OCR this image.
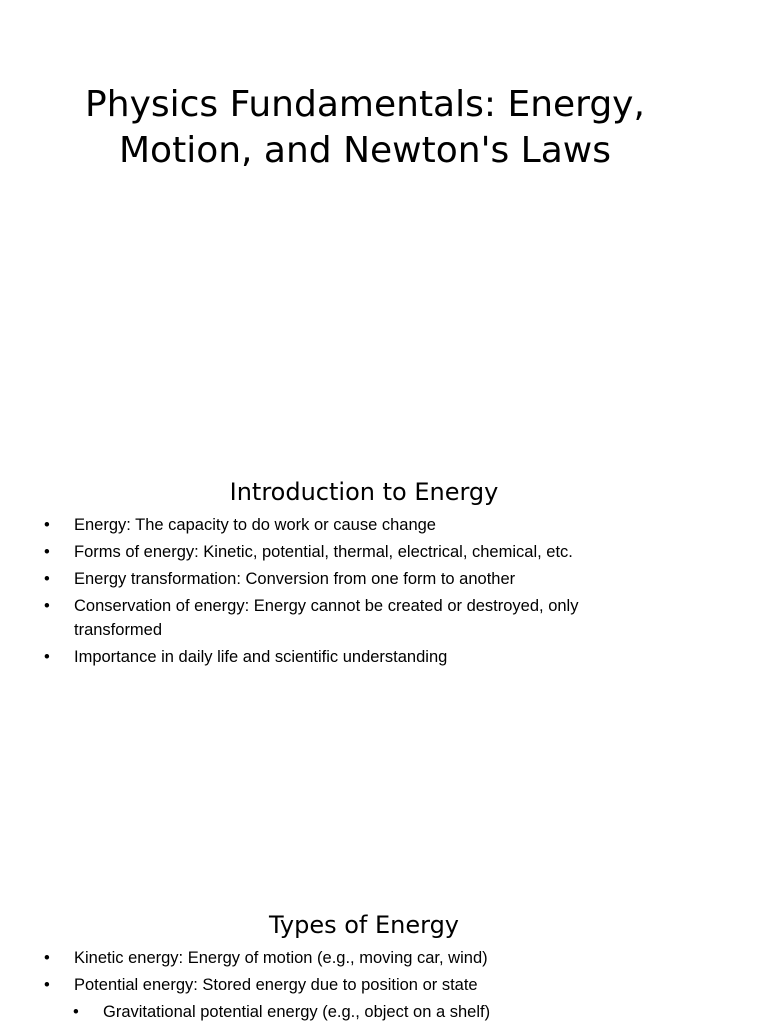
Physics Fundamentals: Energy, Motion, and Newton's Laws
Introduction to Energy
• Energy: The capacity to do work or cause change
• Forms of energy: Kinetic, potential, thermal, electrical, chemical, etc.
• Energy transformation: Conversion from one form to another
• Conservation of energy: Energy cannot be created or destroyed, only transformed
• Importance in daily life and scientific understanding
Types of Energy
• Kinetic energy: Energy of motion (e.g., moving car, wind)
• Potential energy: Stored energy due to position or state
• Gravitational potential energy (e.g., object on a shelf)
